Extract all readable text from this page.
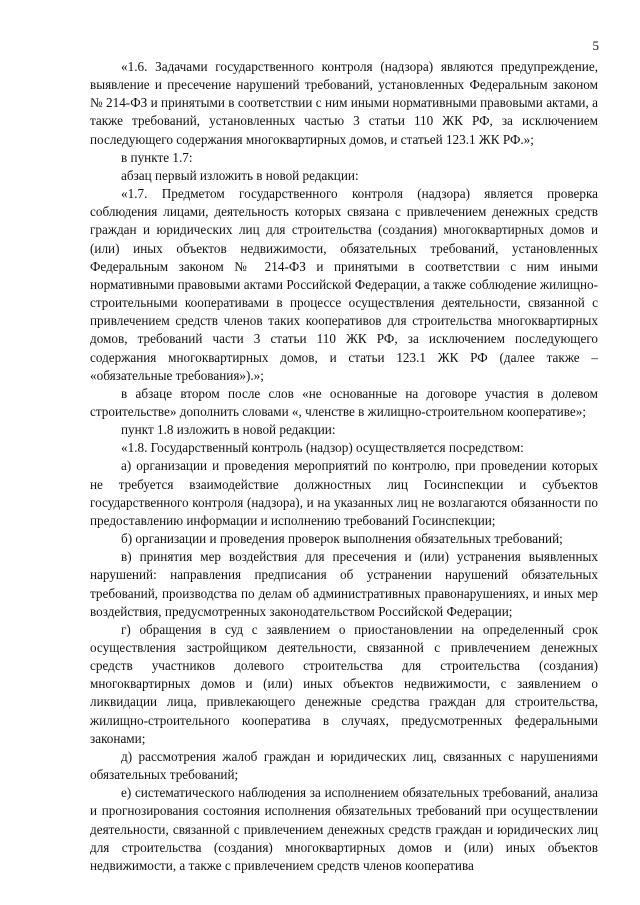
5

«1.6. Задачами государственного контроля (надзора) являются предупреждение, выявление и пресечение нарушений требований, установленных Федеральным законом № 214-ФЗ и принятыми в соответствии с ним иными нормативными правовыми актами, а также требований, установленных частью 3 статьи 110 ЖК РФ, за исключением последующего содержания многоквартирных домов, и статьей 123.1 ЖК РФ.»;

в пункте 1.7:

абзац первый изложить в новой редакции:

«1.7. Предметом государственного контроля (надзора) является проверка соблюдения лицами, деятельность которых связана с привлечением денежных средств граждан и юридических лиц для строительства (создания) многоквартирных домов и (или) иных объектов недвижимости, обязательных требований, установленных Федеральным законом № 214-ФЗ и принятыми в соответствии с ним иными нормативными правовыми актами Российской Федерации, а также соблюдение жилищно-строительными кооперативами в процессе осуществления деятельности, связанной с привлечением средств членов таких кооперативов для строительства многоквартирных домов, требований части 3 статьи 110 ЖК РФ, за исключением последующего содержания многоквартирных домов, и статьи 123.1 ЖК РФ (далее также – «обязательные требования»).»;

в абзаце втором после слов «не основанные на договоре участия в долевом строительстве» дополнить словами «, членстве в жилищно-строительном кооперативе»;

пункт 1.8 изложить в новой редакции:

«1.8. Государственный контроль (надзор) осуществляется посредством:

а) организации и проведения мероприятий по контролю, при проведении которых не требуется взаимодействие должностных лиц Госинспекции и субъектов государственного контроля (надзора), и на указанных лиц не возлагаются обязанности по предоставлению информации и исполнению требований Госинспекции;

б) организации и проведения проверок выполнения обязательных требований;

в) принятия мер воздействия для пресечения и (или) устранения выявленных нарушений: направления предписания об устранении нарушений обязательных требований, производства по делам об административных правонарушениях, и иных мер воздействия, предусмотренных законодательством Российской Федерации;

г) обращения в суд с заявлением о приостановлении на определенный срок осуществления застройщиком деятельности, связанной с привлечением денежных средств участников долевого строительства для строительства (создания) многоквартирных домов и (или) иных объектов недвижимости, с заявлением о ликвидации лица, привлекающего денежные средства граждан для строительства, жилищно-строительного кооператива в случаях, предусмотренных федеральными законами;

д) рассмотрения жалоб граждан и юридических лиц, связанных с нарушениями обязательных требований;

е) систематического наблюдения за исполнением обязательных требований, анализа и прогнозирования состояния исполнения обязательных требований при осуществлении деятельности, связанной с привлечением денежных средств граждан и юридических лиц для строительства (создания) многоквартирных домов и (или) иных объектов недвижимости, а также с привлечением средств членов кооператива
